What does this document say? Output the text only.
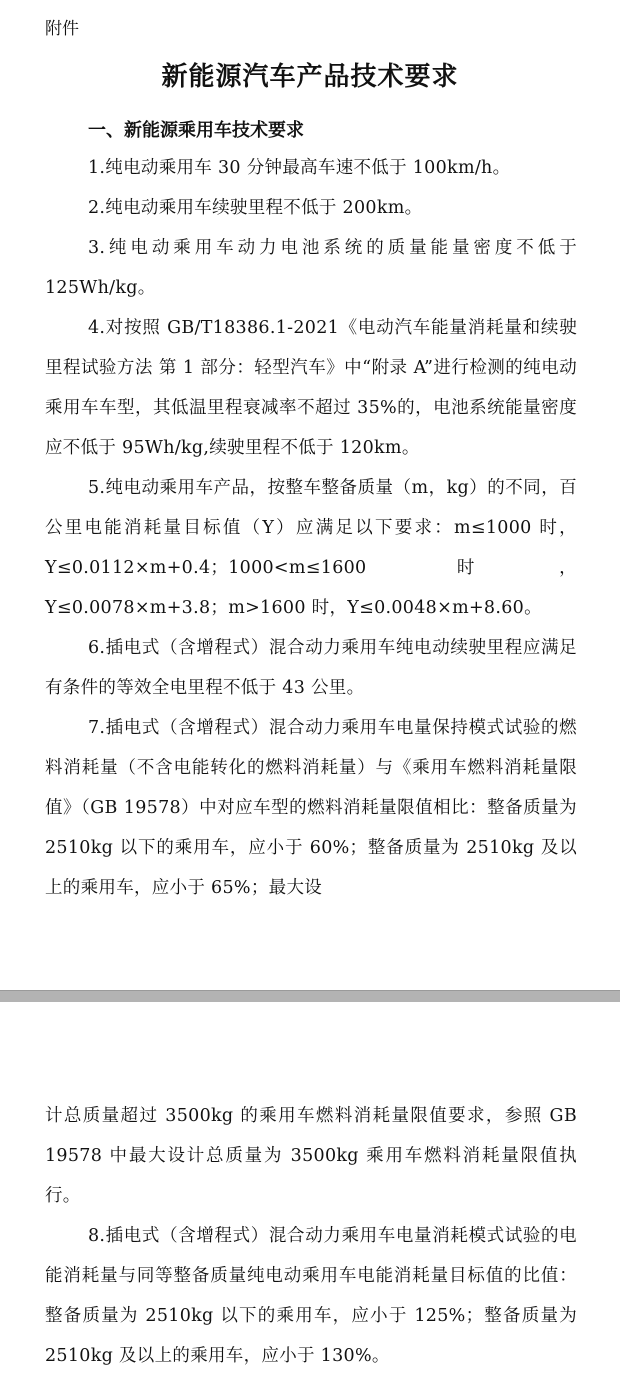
附件
新能源汽车产品技术要求
一、新能源乘用车技术要求

1.纯电动乘用车 30 分钟最高车速不低于 100km/h。

2.纯电动乘用车续驶里程不低于 200km。

3.纯电动乘用车动力电池系统的质量能量密度不低于125Wh/kg。

4.对按照 GB/T18386.1-2021《电动汽车能量消耗量和续驶里程试验方法 第 1 部分：轻型汽车》中“附录 A”进行检测的纯电动乘用车车型，其低温里程衰减率不超过 35%的，电池系统能量密度应不低于 95Wh/kg,续驶里程不低于 120km。

5.纯电动乘用车产品，按整车整备质量（m，kg）的不同，百公里电能消耗量目标值（Y）应满足以下要求：m≤1000 时，Y≤0.0112×m+0.4；1000<m≤1600 时，Y≤0.0078×m+3.8；m>1600 时，Y≤0.0048×m+8.60。

6.插电式（含增程式）混合动力乘用车纯电动续驶里程应满足有条件的等效全电里程不低于 43 公里。

7.插电式（含增程式）混合动力乘用车电量保持模式试验的燃料消耗量（不含电能转化的燃料消耗量）与《乘用车燃料消耗量限值》（GB 19578）中对应车型的燃料消耗量限值相比：整备质量为 2510kg 以下的乘用车，应小于 60%；整备质量为 2510kg 及以上的乘用车，应小于 65%；最大设

计总质量超过 3500kg 的乘用车燃料消耗量限值要求，参照 GB 19578 中最大设计总质量为 3500kg 乘用车燃料消耗量限值执行。

8.插电式（含增程式）混合动力乘用车电量消耗模式试验的电能消耗量与同等整备质量纯电动乘用车电能消耗量目标值的比值：整备质量为 2510kg 以下的乘用车，应小于 125%；整备质量为 2510kg 及以上的乘用车，应小于 130%。
